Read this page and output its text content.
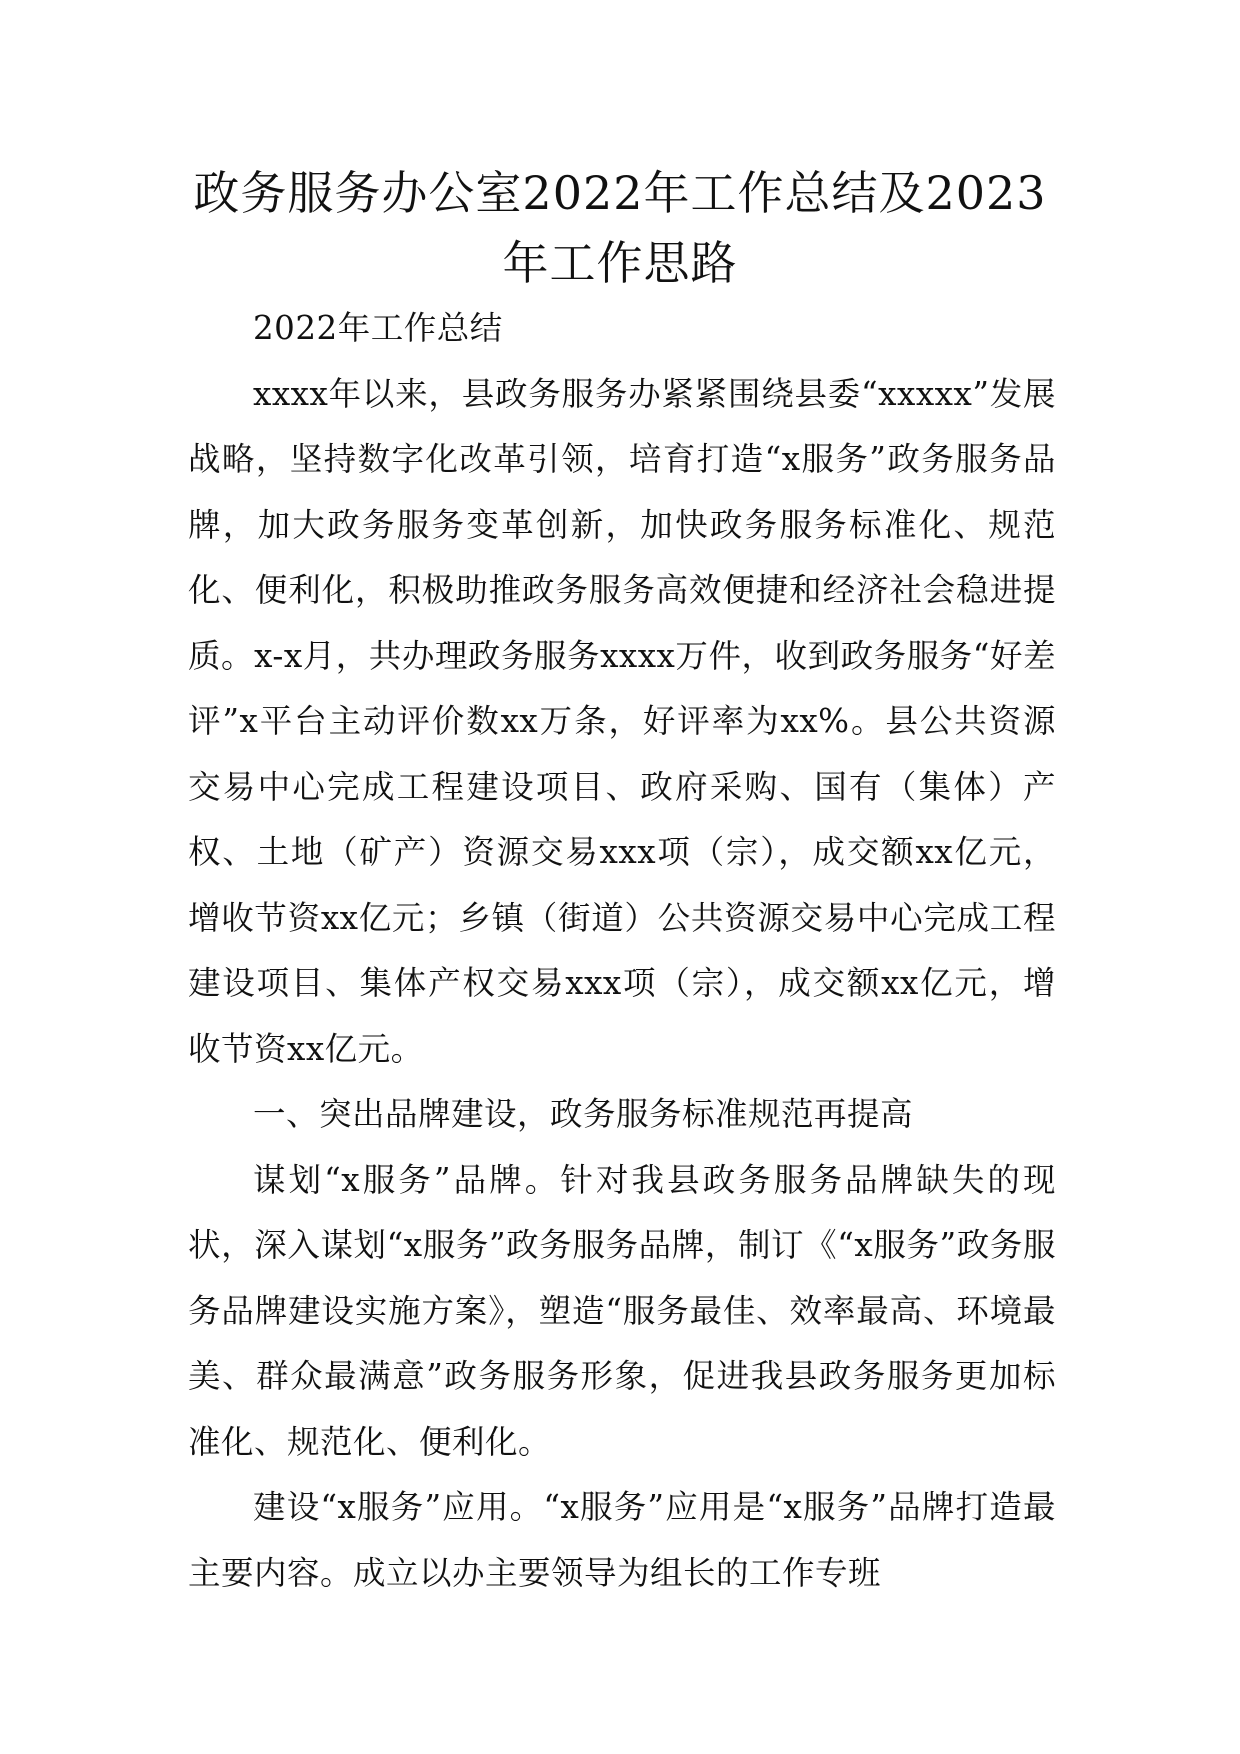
政务服务办公室2022年工作总结及2023年工作思路

2022年工作总结

xxxx年以来，县政务服务办紧紧围绕县委“xxxxx”发展战略，坚持数字化改革引领，培育打造“x服务”政务服务品牌，加大政务服务变革创新，加快政务服务标准化、规范化、便利化，积极助推政务服务高效便捷和经济社会稳进提质。x-x月，共办理政务服务xxxx万件，收到政务服务“好差评”x平台主动评价数xx万条，好评率为xx%。县公共资源交易中心完成工程建设项目、政府采购、国有（集体）产权、土地（矿产）资源交易xxx项（宗），成交额xx亿元，增收节资xx亿元；乡镇（街道）公共资源交易中心完成工程建设项目、集体产权交易xxx项（宗），成交额xx亿元，增收节资xx亿元。

一、突出品牌建设，政务服务标准规范再提高

谋划“x服务”品牌。针对我县政务服务品牌缺失的现状，深入谋划“x服务”政务服务品牌，制订《“x服务”政务服务品牌建设实施方案》，塑造“服务最佳、效率最高、环境最美、群众最满意”政务服务形象，促进我县政务服务更加标准化、规范化、便利化。

建设“x服务”应用。“x服务”应用是“x服务”品牌打造最主要内容。成立以办主要领导为组长的工作专班
